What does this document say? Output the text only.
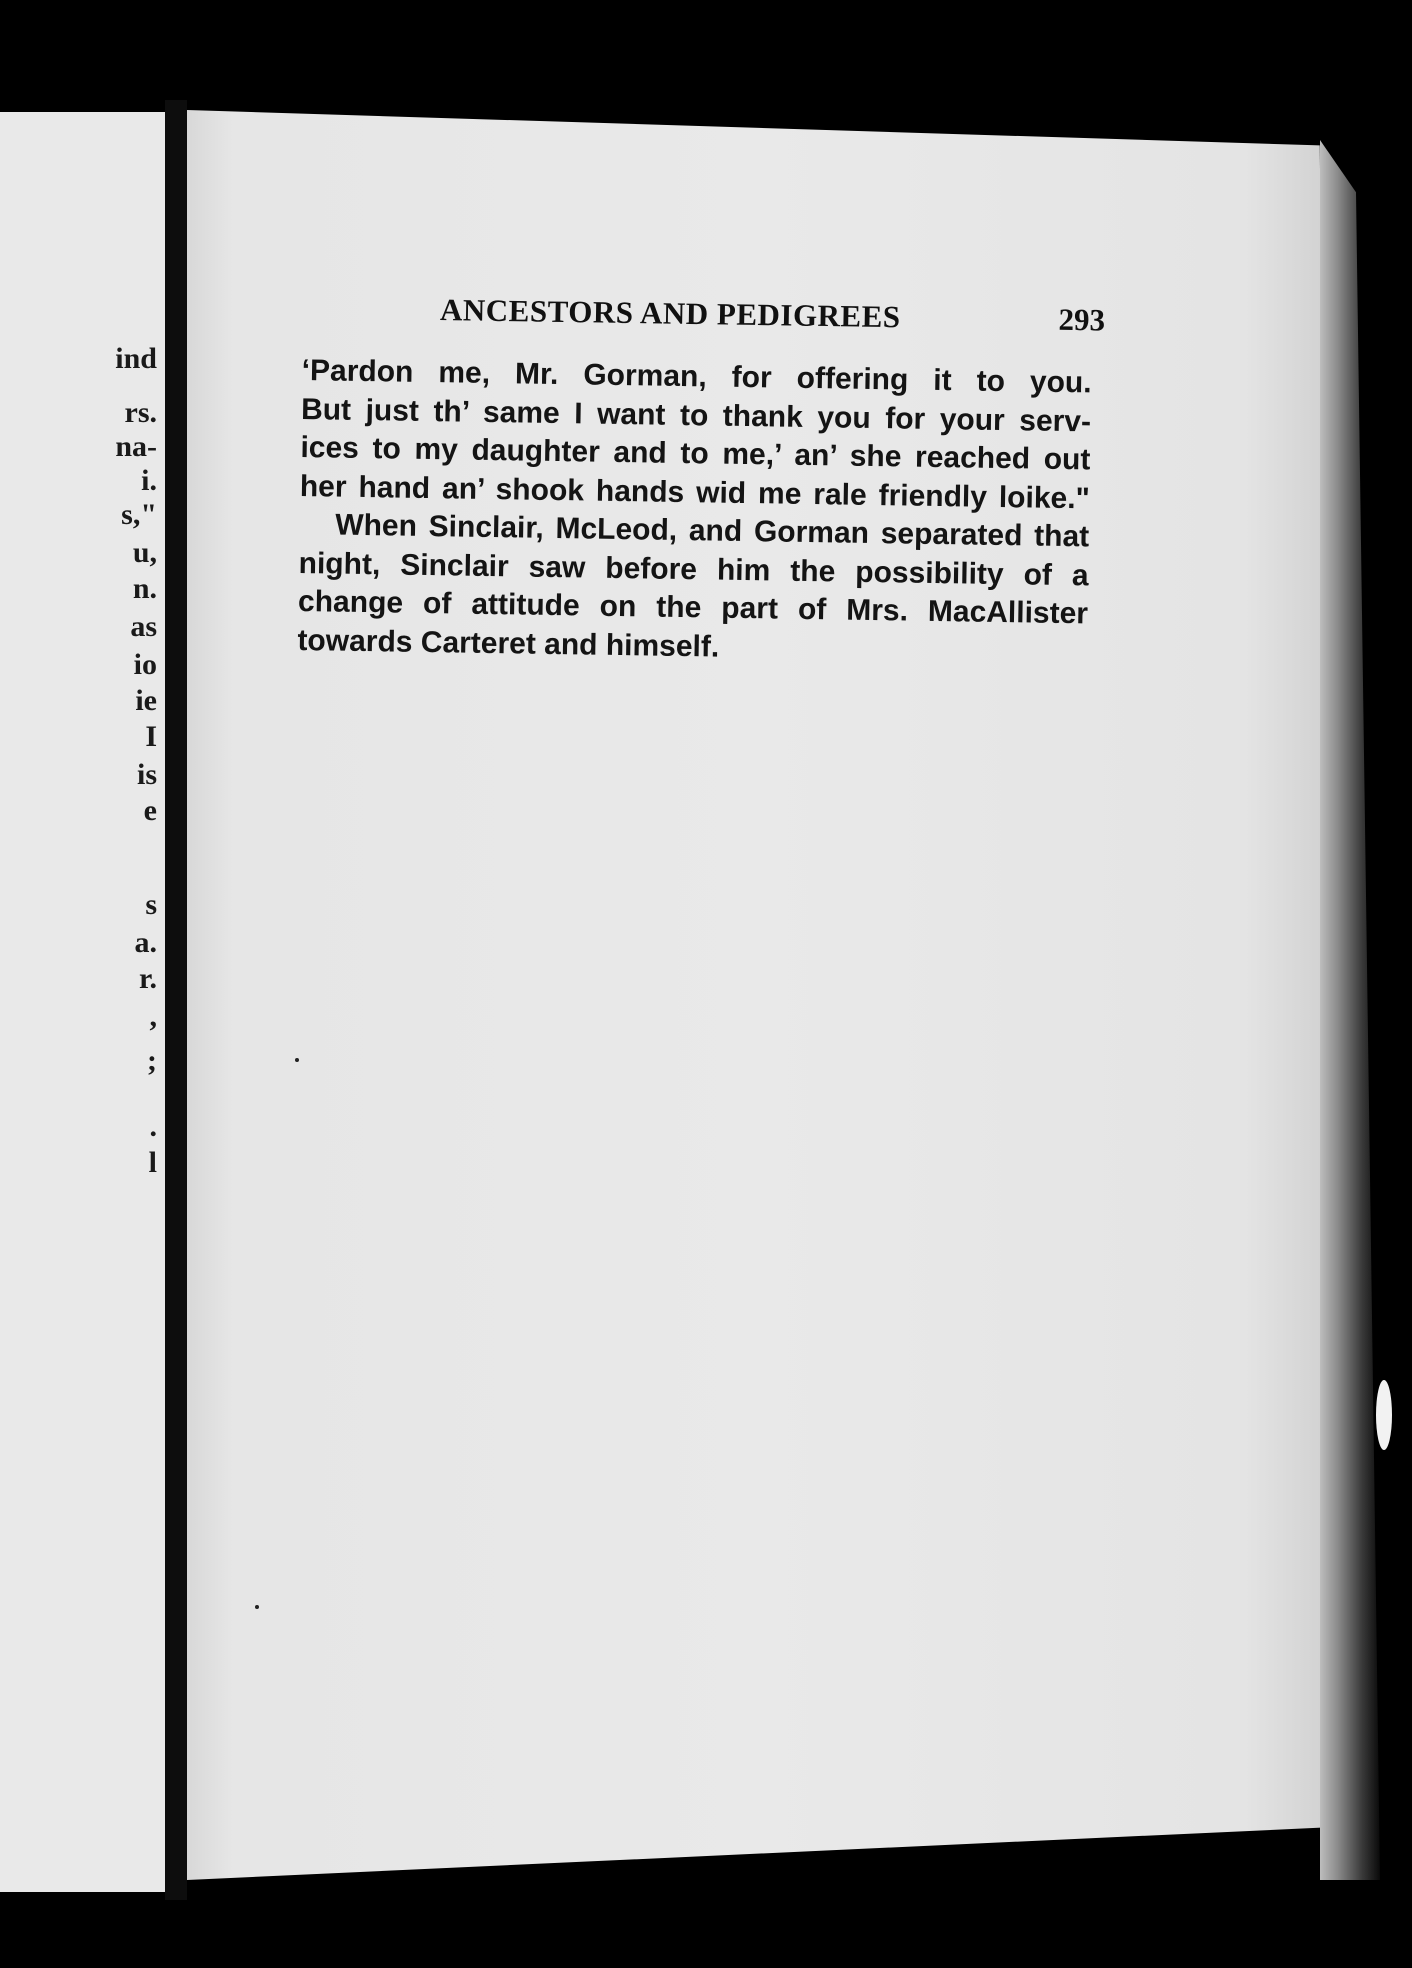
ind
rs.
na-
i.
s,"
u,
n.
as
io
ie
I
is
e
s
a.
r.
,
;
.
l
ANCESTORS AND PEDIGREES	293
‘Pardon me, Mr. Gorman, for offering it to you.
But just th’ same I want to thank you for your serv-
ices to my daughter and to me,’ an’ she reached out
her hand an’ shook hands wid me rale friendly loike."
When Sinclair, McLeod, and Gorman separated that
night, Sinclair saw before him the possibility of a
change of attitude on the part of Mrs. MacAllister
towards Carteret and himself.
